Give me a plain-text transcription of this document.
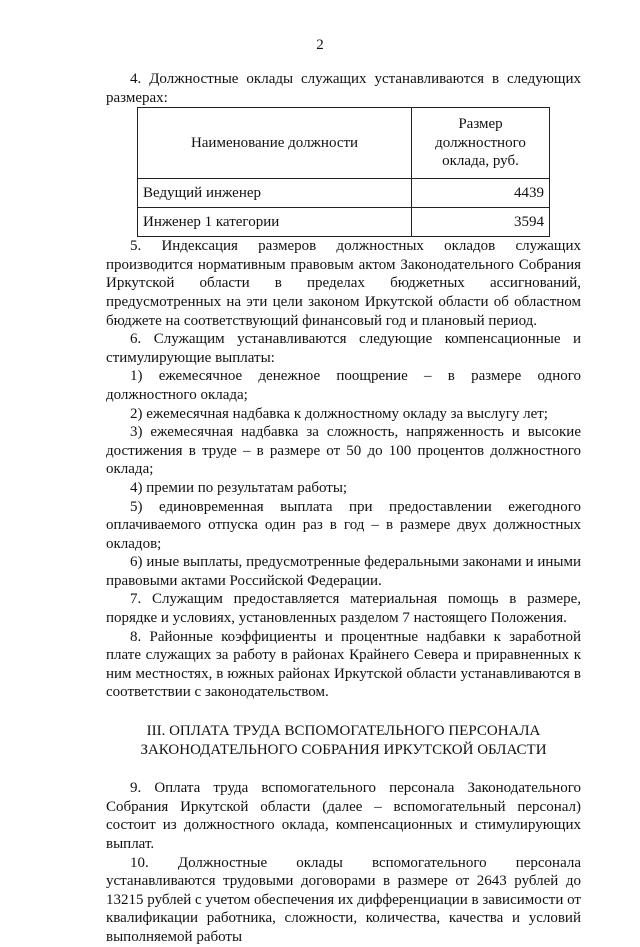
2

4. Должностные оклады служащих устанавливаются в следующих размерах:

Наименование должности	Размер должностного оклада, руб.
Ведущий инженер	4439
Инженер 1 категории	3594

5. Индексация размеров должностных окладов служащих производится нормативным правовым актом Законодательного Собрания Иркутской области в пределах бюджетных ассигнований, предусмотренных на эти цели законом Иркутской области об областном бюджете на соответствующий финансовый год и плановый период.

6. Служащим устанавливаются следующие компенсационные и стимулирующие выплаты:

1) ежемесячное денежное поощрение – в размере одного должностного оклада;

2) ежемесячная надбавка к должностному окладу за выслугу лет;

3) ежемесячная надбавка за сложность, напряженность и высокие достижения в труде – в размере от 50 до 100 процентов должностного оклада;

4) премии по результатам работы;

5) единовременная выплата при предоставлении ежегодного оплачиваемого отпуска один раз в год – в размере двух должностных окладов;

6) иные выплаты, предусмотренные федеральными законами и иными правовыми актами Российской Федерации.

7. Служащим предоставляется материальная помощь в размере, порядке и условиях, установленных разделом 7 настоящего Положения.

8. Районные коэффициенты и процентные надбавки к заработной плате служащих за работу в районах Крайнего Севера и приравненных к ним местностях, в южных районах Иркутской области устанавливаются в соответствии с законодательством.

III. ОПЛАТА ТРУДА ВСПОМОГАТЕЛЬНОГО ПЕРСОНАЛА
ЗАКОНОДАТЕЛЬНОГО СОБРАНИЯ ИРКУТСКОЙ ОБЛАСТИ

9. Оплата труда вспомогательного персонала Законодательного Собрания Иркутской области (далее – вспомогательный персонал) состоит из должностного оклада, компенсационных и стимулирующих выплат.

10. Должностные оклады вспомогательного персонала устанавливаются трудовыми договорами в размере от 2643 рублей до 13215 рублей с учетом обеспечения их дифференциации в зависимости от квалификации работника, сложности, количества, качества и условий выполняемой работы
